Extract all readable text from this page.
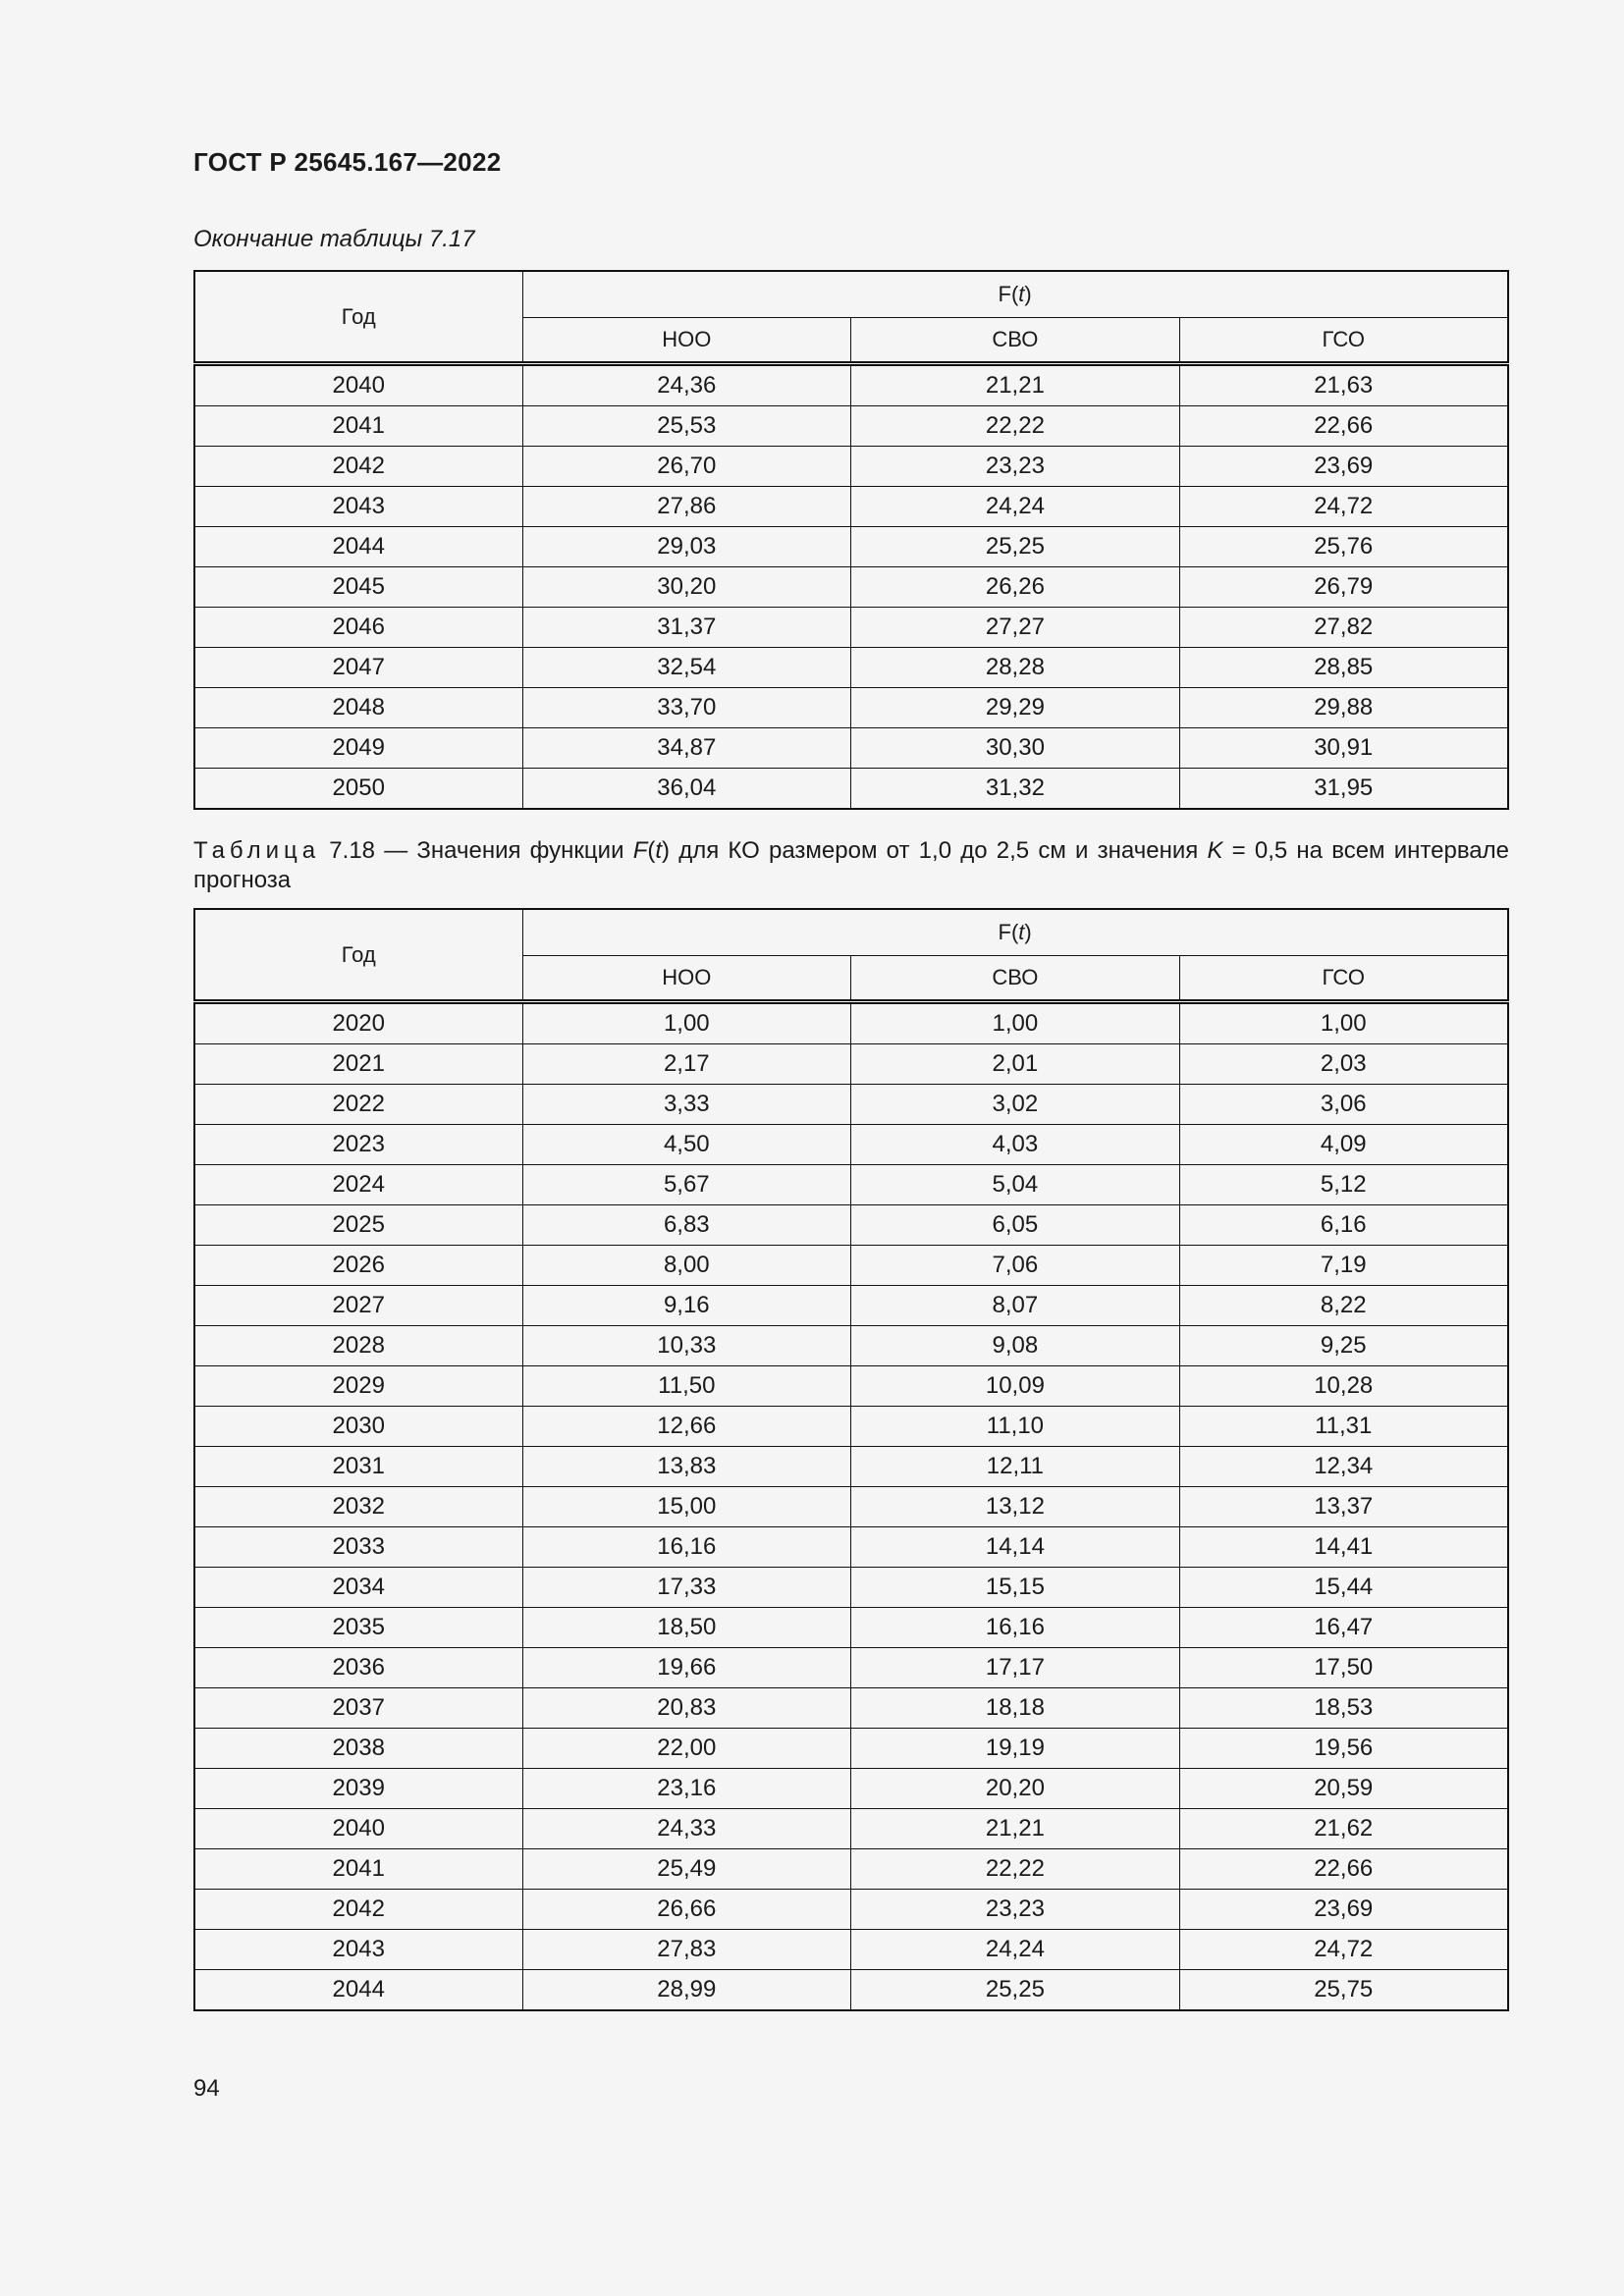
ГОСТ Р 25645.167—2022
Окончание таблицы 7.17
Год	F(t)		
	НОО	СВО	ГСО
2040	24,36	21,21	21,63
2041	25,53	22,22	22,66
2042	26,70	23,23	23,69
2043	27,86	24,24	24,72
2044	29,03	25,25	25,76
2045	30,20	26,26	26,79
2046	31,37	27,27	27,82
2047	32,54	28,28	28,85
2048	33,70	29,29	29,88
2049	34,87	30,30	30,91
2050	36,04	31,32	31,95
Таблица 7.18 — Значения функции F(t) для КО размером от 1,0 до 2,5 см и значения K = 0,5 на всем интервале прогноза
Год	F(t)		
	НОО	СВО	ГСО
2020	1,00	1,00	1,00
2021	2,17	2,01	2,03
2022	3,33	3,02	3,06
2023	4,50	4,03	4,09
2024	5,67	5,04	5,12
2025	6,83	6,05	6,16
2026	8,00	7,06	7,19
2027	9,16	8,07	8,22
2028	10,33	9,08	9,25
2029	11,50	10,09	10,28
2030	12,66	11,10	11,31
2031	13,83	12,11	12,34
2032	15,00	13,12	13,37
2033	16,16	14,14	14,41
2034	17,33	15,15	15,44
2035	18,50	16,16	16,47
2036	19,66	17,17	17,50
2037	20,83	18,18	18,53
2038	22,00	19,19	19,56
2039	23,16	20,20	20,59
2040	24,33	21,21	21,62
2041	25,49	22,22	22,66
2042	26,66	23,23	23,69
2043	27,83	24,24	24,72
2044	28,99	25,25	25,75
94
